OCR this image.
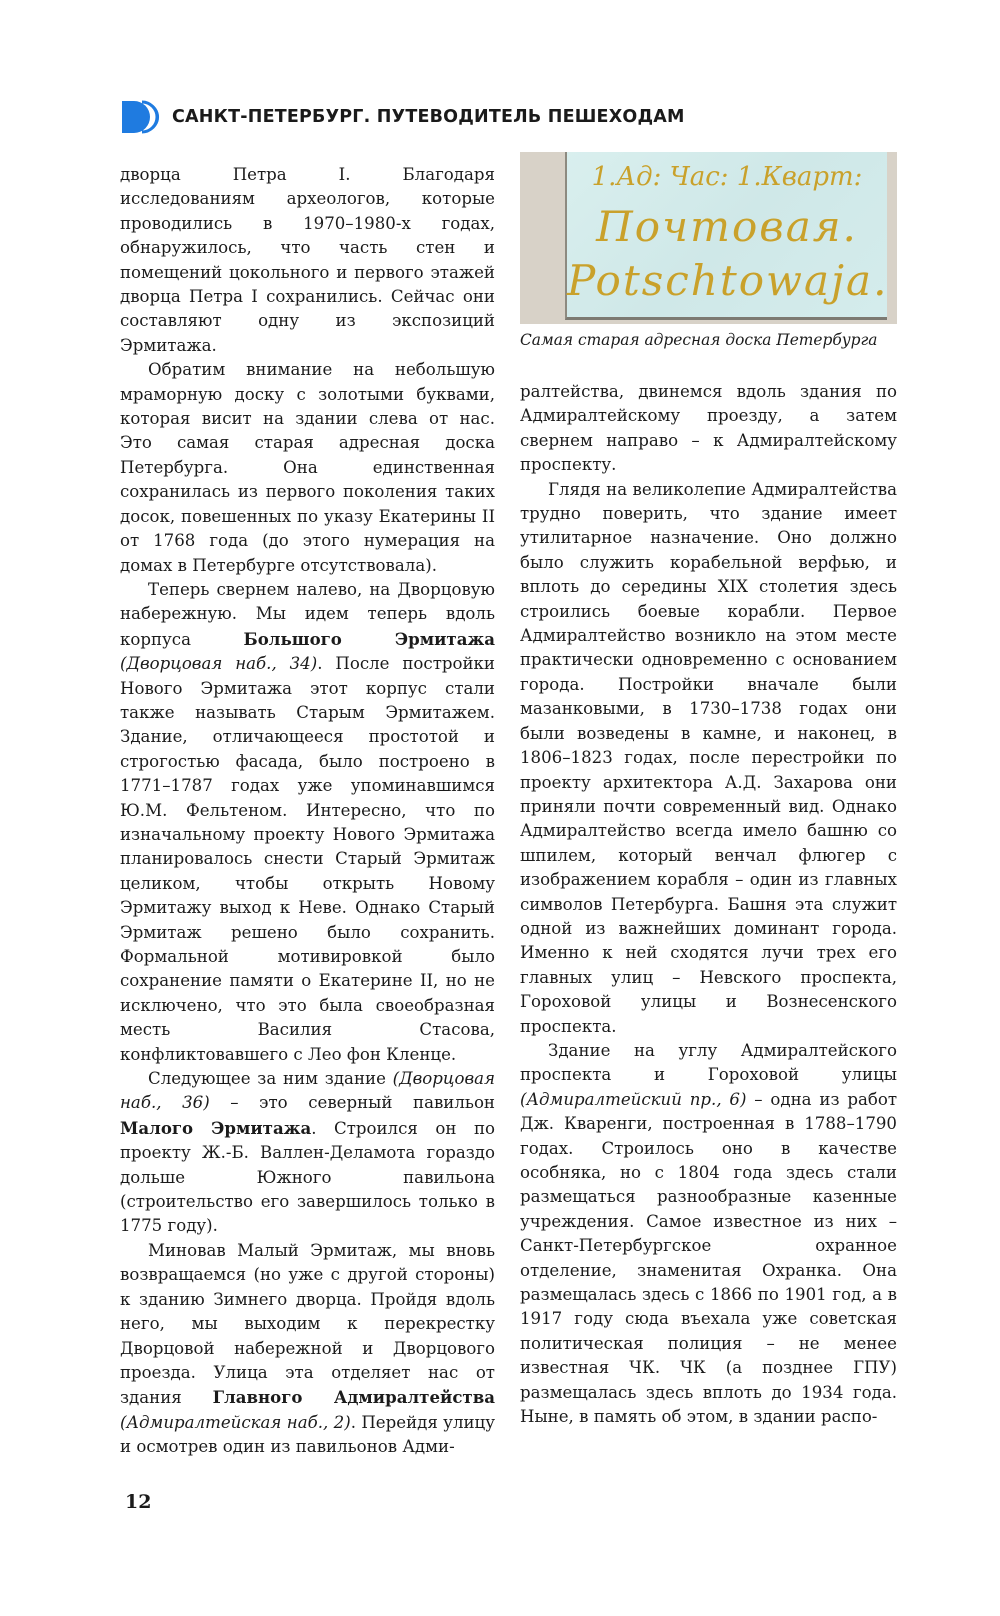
САНКТ-ПЕТЕРБУРГ. ПУТЕВОДИТЕЛЬ ПЕШЕХОДАМ
1.Ад: Час: 1.Кварт:
Почтовая.
Potschtowaja.
Самая старая адресная доска Петербурга

дворца Петра I. Благодаря исследованиям археологов, которые проводились в 1970–1980-х годах, обнаружилось, что часть стен и помещений цокольного и первого этажей дворца Петра I сохранились. Сейчас они составляют одну из экспозиций Эрмитажа.

Обратим внимание на небольшую мраморную доску с золотыми буквами, которая висит на здании слева от нас. Это самая старая адресная доска Петербурга. Она единственная сохранилась из первого поколения таких досок, повешенных по указу Екатерины II от 1768 года (до этого нумерация на домах в Петербурге отсутствовала).

Теперь свернем налево, на Дворцовую набережную. Мы идем теперь вдоль корпуса Большого Эрмитажа (Дворцовая наб., 34). После постройки Нового Эрмитажа этот корпус стали также называть Старым Эрмитажем. Здание, отличающееся простотой и строгостью фасада, было построено в 1771–1787 годах уже упоминавшимся Ю.М. Фельтеном. Интересно, что по изначальному проекту Нового Эрмитажа планировалось снести Старый Эрмитаж целиком, чтобы открыть Новому Эрмитажу выход к Неве. Однако Старый Эрмитаж решено было сохранить. Формальной мотивировкой было сохранение памяти о Екатерине II, но не исключено, что это была своеобразная месть Василия Стасова, конфликтовавшего с Лео фон Кленце.

Следующее за ним здание (Дворцовая наб., 36) – это северный павильон Малого Эрмитажа. Строился он по проекту Ж.-Б. Валлен-Деламота гораздо дольше Южного павильона (строительство его завершилось только в 1775 году).

Миновав Малый Эрмитаж, мы вновь возвращаемся (но уже с другой стороны) к зданию Зимнего дворца. Пройдя вдоль него, мы выходим к перекрестку Дворцовой набережной и Дворцового проезда. Улица эта отделяет нас от здания Главного Адмиралтейства (Адмиралтейская наб., 2). Перейдя улицу и осмотрев один из павильонов Адми-

ралтейства, двинемся вдоль здания по Адмиралтейскому проезду, а затем свернем направо – к Адмиралтейскому проспекту.

Глядя на великолепие Адмиралтейства трудно поверить, что здание имеет утилитарное назначение. Оно должно было служить корабельной верфью, и вплоть до середины XIX столетия здесь строились боевые корабли. Первое Адмиралтейство возникло на этом месте практически одновременно с основанием города. Постройки вначале были мазанковыми, в 1730–1738 годах они были возведены в камне, и наконец, в 1806–1823 годах, после перестройки по проекту архитектора А.Д. Захарова они приняли почти современный вид. Однако Адмиралтейство всегда имело башню со шпилем, который венчал флюгер с изображением корабля – один из главных символов Петербурга. Башня эта служит одной из важнейших доминант города. Именно к ней сходятся лучи трех его главных улиц – Невского проспекта, Гороховой улицы и Вознесенского проспекта.

Здание на углу Адмиралтейского проспекта и Гороховой улицы (Адмиралтейский пр., 6) – одна из работ Дж. Кваренги, построенная в 1788–1790 годах. Строилось оно в качестве особняка, но с 1804 года здесь стали размещаться разнообразные казенные учреждения. Самое известное из них – Санкт-Петербургское охранное отделение, знаменитая Охранка. Она размещалась здесь с 1866 по 1901 год, а в 1917 году сюда въехала уже советская политическая полиция – не менее известная ЧК. ЧК (а позднее ГПУ) размещалась здесь вплоть до 1934 года. Ныне, в память об этом, в здании распо-

12
